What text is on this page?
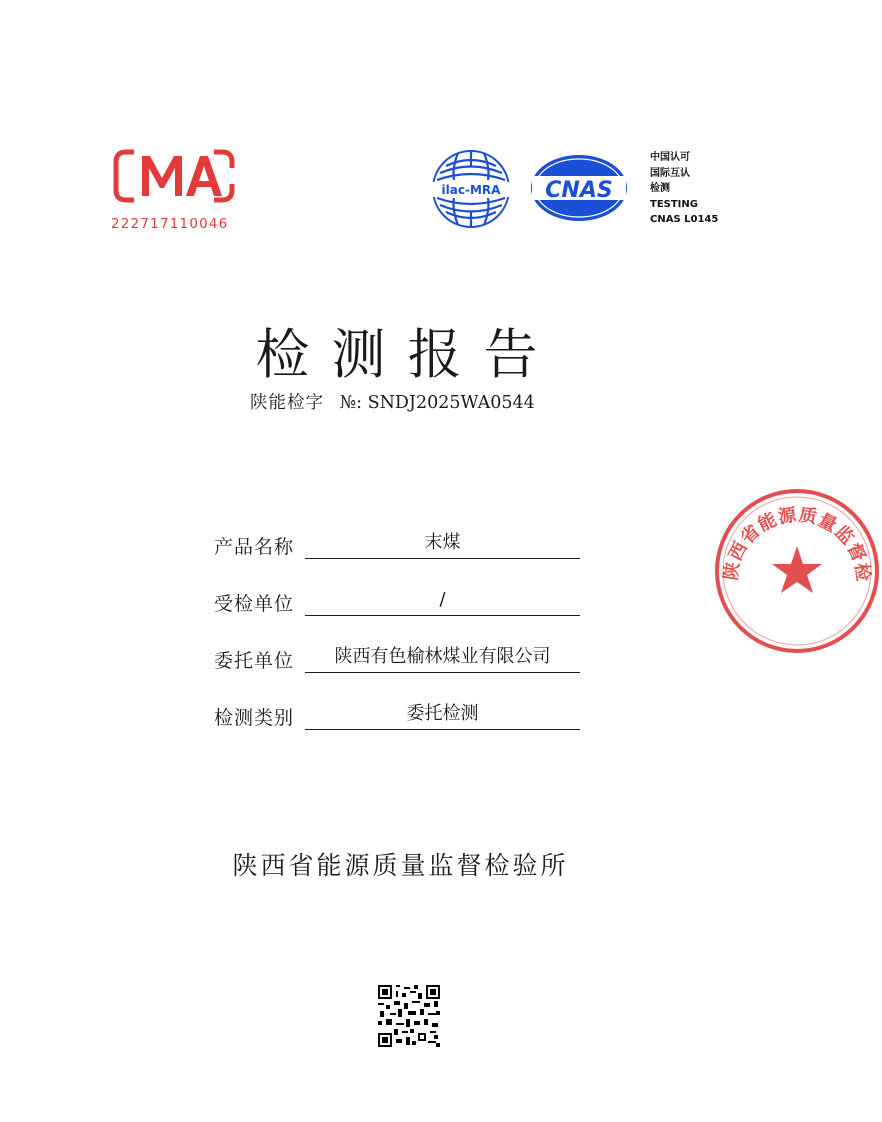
222717110046
ilac-MRA CNAS
中国认可
国际互认
检测
TESTING
CNAS L0145
检测报告
陕能检字 №: SNDJ2025WA0544
产品名称	末煤
受检单位	/
委托单位	陕西有色榆林煤业有限公司
检测类别	委托检测
陕西省能源质量监督检验所
陕西省能源质量监督检
